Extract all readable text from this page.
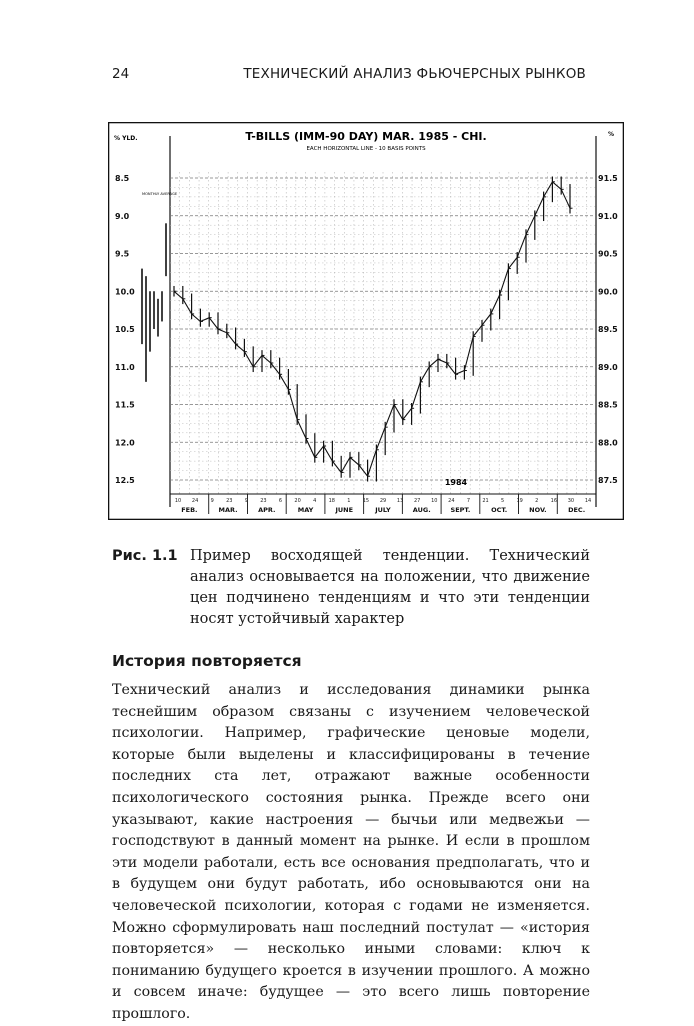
24	ТЕХНИЧЕСКИЙ АНАЛИЗ ФЬЮЧЕРСНЫХ РЫНКОВ
T-BILLS (IMM-90 DAY) MAR. 1985 - CHI.
EACH HORIZONTAL LINE - 10 BASIS POINTS
% YLD.
%
MONTHLY AVERAGE
1984
FEB.	MAR.	APR.	MAY	JUNE	JULY	AUG.	SEPT.	OCT.	NOV.	DEC.
10 24 9 23 9 23 6 20 4 18 1 15 29 13 27 10 24 7 21 5 19 2 16 30 14
8.5
9.0
9.5
10.0
10.5
11.0
11.5
12.0
12.5
91.5
91.0
90.5
90.0
89.5
89.0
88.5
88.0
87.5
Рис. 1.1 Пример восходящей тенденции. Технический анализ основывается на положении, что движение цен подчинено тенденциям и что эти тенденции носят устойчивый характер
История повторяется
Технический анализ и исследования динамики рынка теснейшим образом связаны с изучением человеческой психологии. Например, графические ценовые модели, которые были выделены и классифицированы в течение последних ста лет, отражают важные особенности психологического состояния рынка. Прежде всего они указывают, какие настроения — бычьи или медвежьи — господствуют в данный момент на рынке. И если в прошлом эти модели работали, есть все основания предполагать, что и в будущем они будут работать, ибо основываются они на человеческой психологии, которая с годами не изменяется. Можно сформулировать наш последний постулат — «история повторяется» — несколько иными словами: ключ к пониманию будущего кроется в изучении прошлого. А можно и совсем иначе: будущее — это всего лишь повторение прошлого.
